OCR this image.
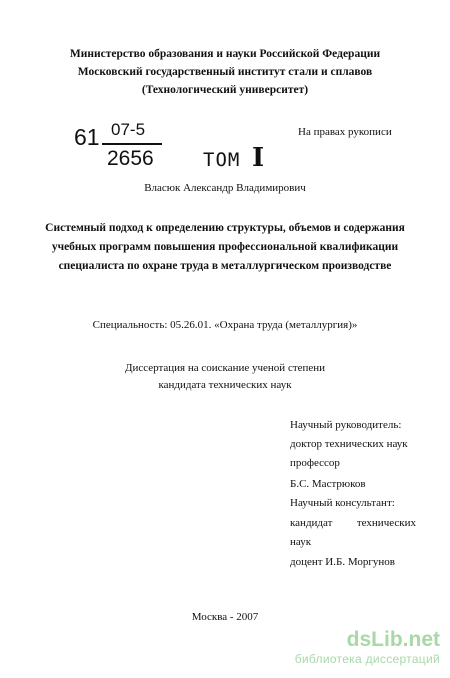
Министерство образования и науки Российской Федерации
Московский государственный институт стали и сплавов
(Технологический университет)
61 07-5
2656
На правах рукописи
ТОМ I
Власюк Александр Владимирович
Системный подход к определению структуры, объемов и содержания
учебных программ повышения профессиональной квалификации
специалиста по охране труда в металлургическом производстве
Специальность: 05.26.01. «Охрана труда (металлургия)»
Диссертация на соискание ученой степени
кандидата технических наук
Научный руководитель:
доктор технических наук
профессор
Б.С. Мастрюков
Научный консультант:
кандидат технических
наук
доцент И.Б. Моргунов
Москва - 2007
dsLib.net
библиотека диссертаций
